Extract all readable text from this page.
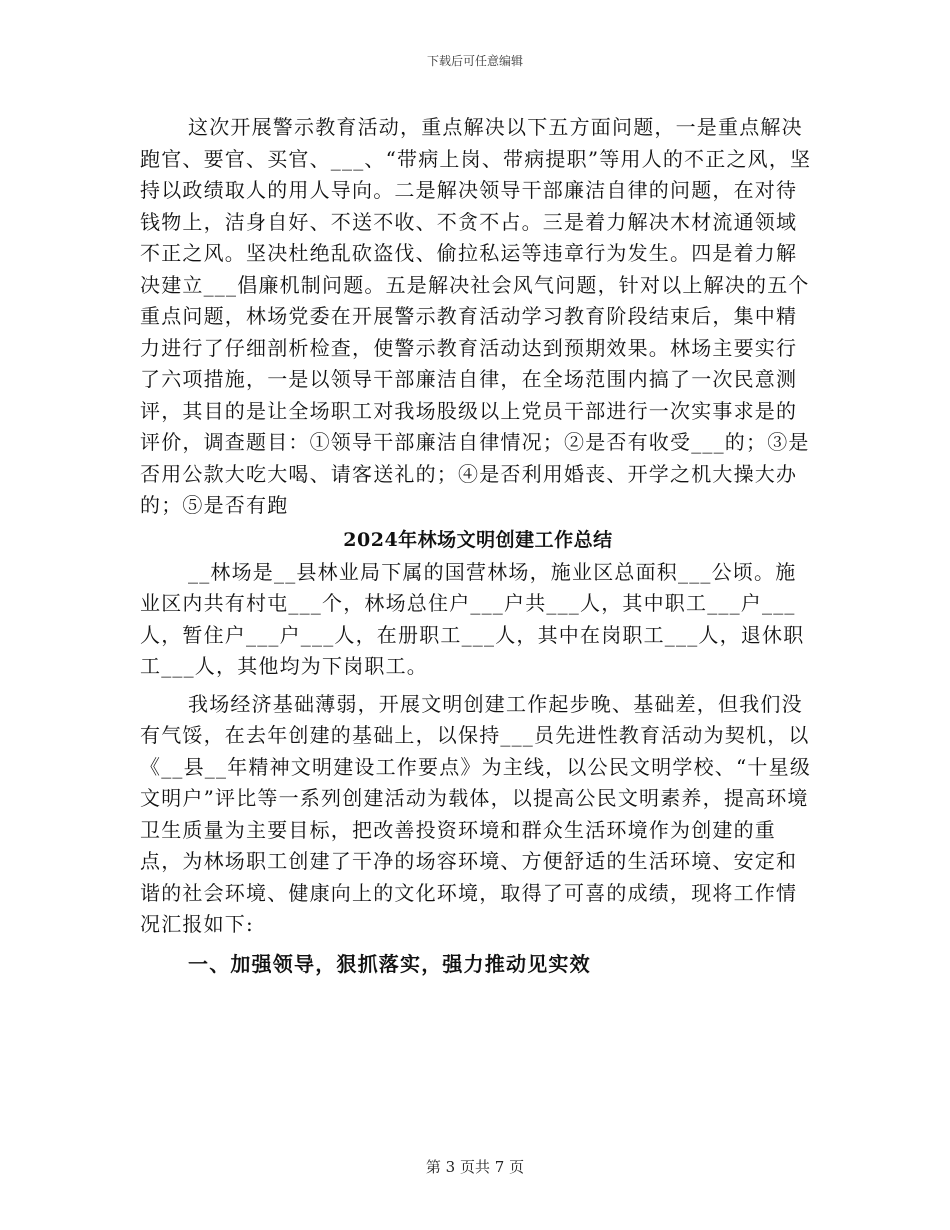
下载后可任意编辑

这次开展警示教育活动，重点解决以下五方面问题，一是重点解决跑官、要官、买官、___、“带病上岗、带病提职”等用人的不正之风，坚持以政绩取人的用人导向。二是解决领导干部廉洁自律的问题，在对待钱物上，洁身自好、不送不收、不贪不占。三是着力解决木材流通领域不正之风。坚决杜绝乱砍盗伐、偷拉私运等违章行为发生。四是着力解决建立___倡廉机制问题。五是解决社会风气问题，针对以上解决的五个重点问题，林场党委在开展警示教育活动学习教育阶段结束后，集中精力进行了仔细剖析检查，使警示教育活动达到预期效果。林场主要实行了六项措施，一是以领导干部廉洁自律，在全场范围内搞了一次民意测评，其目的是让全场职工对我场股级以上党员干部进行一次实事求是的评价，调查题目：①领导干部廉洁自律情况；②是否有收受___的；③是否用公款大吃大喝、请客送礼的；④是否利用婚丧、开学之机大操大办的；⑤是否有跑

2024年林场文明创建工作总结

__林场是__县林业局下属的国营林场，施业区总面积___公顷。施业区内共有村屯___个，林场总住户___户共___人，其中职工___户___人，暂住户___户___人，在册职工___人，其中在岗职工___人，退休职工___人，其他均为下岗职工。

我场经济基础薄弱，开展文明创建工作起步晚、基础差，但我们没有气馁，在去年创建的基础上，以保持___员先进性教育活动为契机，以《__县__年精神文明建设工作要点》为主线，以公民文明学校、“十星级文明户”评比等一系列创建活动为载体，以提高公民文明素养，提高环境卫生质量为主要目标，把改善投资环境和群众生活环境作为创建的重点，为林场职工创建了干净的场容环境、方便舒适的生活环境、安定和谐的社会环境、健康向上的文化环境，取得了可喜的成绩，现将工作情况汇报如下:

一、加强领导，狠抓落实，强力推动见实效

第 3 页共 7 页
